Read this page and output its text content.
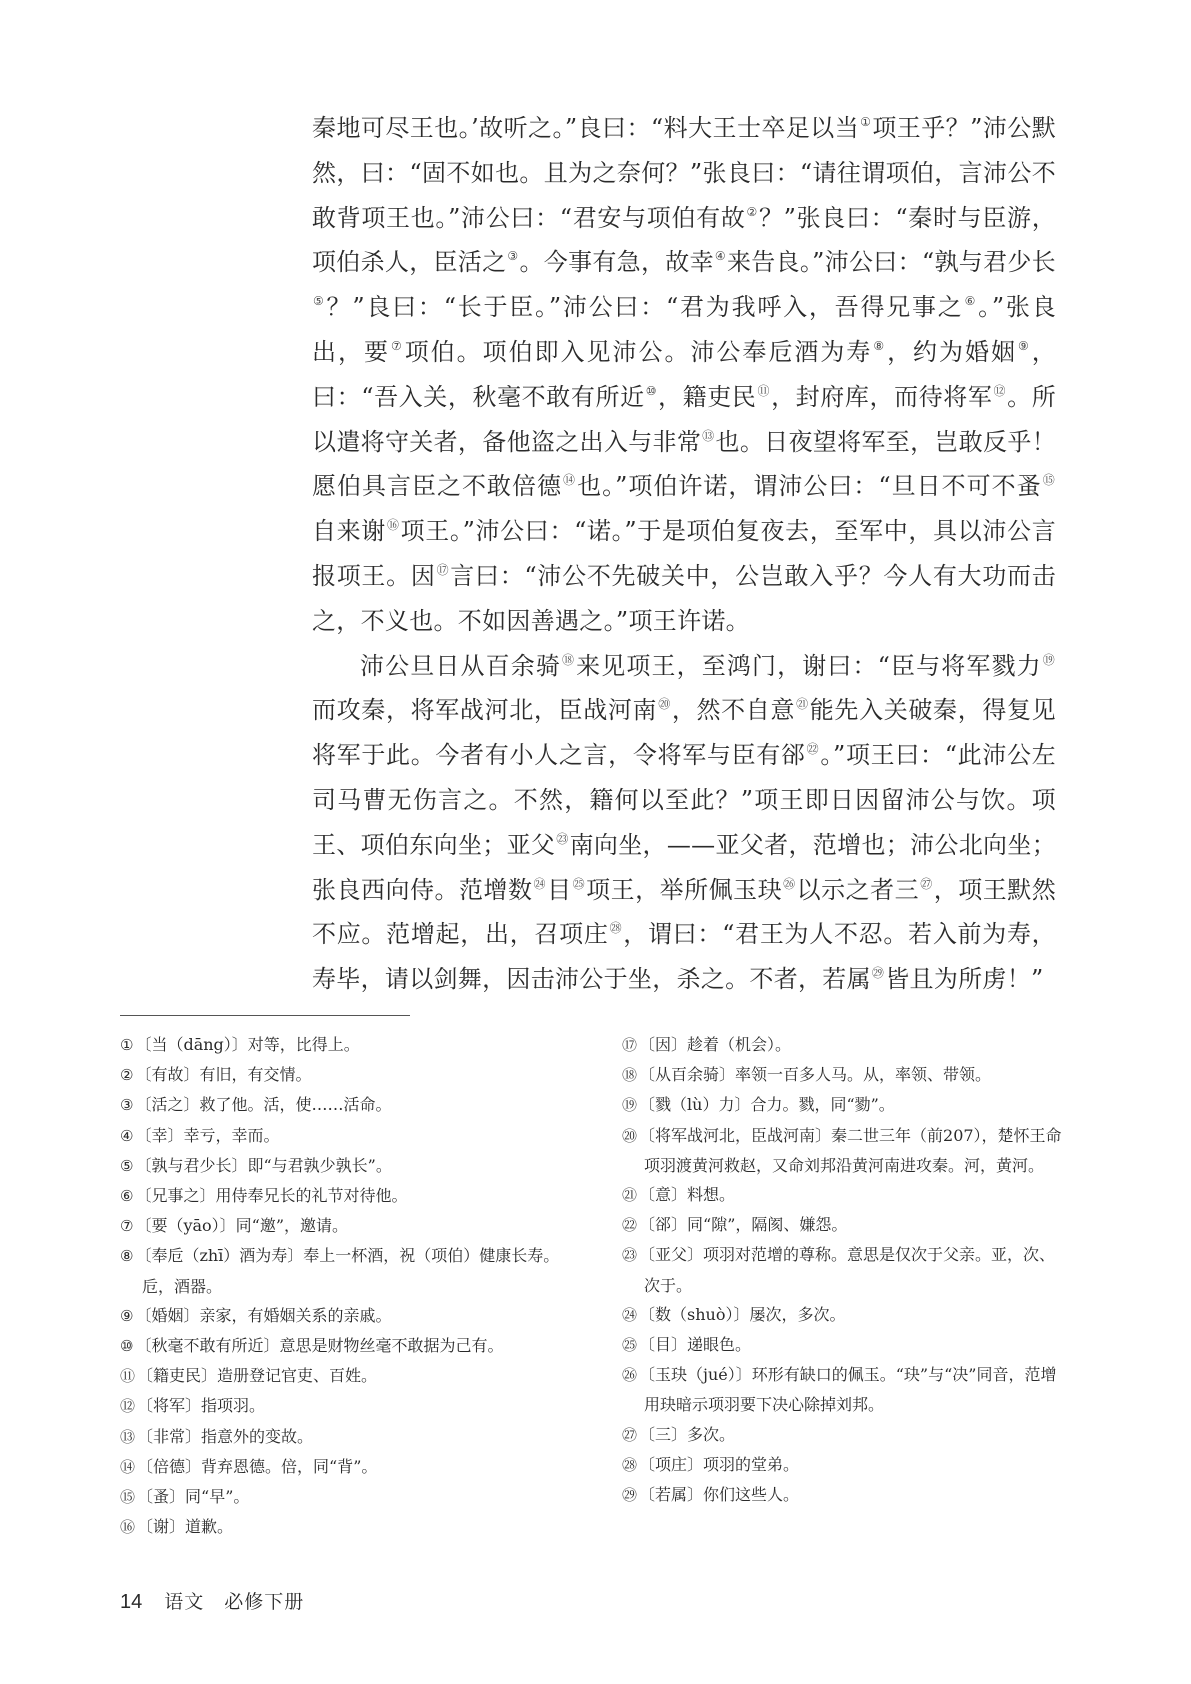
秦地可尽王也。’故听之。”良曰：“料大王士卒足以当①项王乎？”沛公默然，曰：“固不如也。且为之奈何？”张良曰：“请往谓项伯，言沛公不敢背项王也。”沛公曰：“君安与项伯有故②？”张良曰：“秦时与臣游，项伯杀人，臣活之③。今事有急，故幸④来告良。”沛公曰：“孰与君少长⑤？”良曰：“长于臣。”沛公曰：“君为我呼入，吾得兄事之⑥。”张良出，要⑦项伯。项伯即入见沛公。沛公奉卮酒为寿⑧，约为婚姻⑨，曰：“吾入关，秋毫不敢有所近⑩，籍吏民⑪，封府库，而待将军⑫。所以遣将守关者，备他盗之出入与非常⑬也。日夜望将军至，岂敢反乎！愿伯具言臣之不敢倍德⑭也。”项伯许诺，谓沛公曰：“旦日不可不蚤⑮自来谢⑯项王。”沛公曰：“诺。”于是项伯复夜去，至军中，具以沛公言报项王。因⑰言曰：“沛公不先破关中，公岂敢入乎？今人有大功而击之，不义也。不如因善遇之。”项王许诺。

沛公旦日从百余骑⑱来见项王，至鸿门，谢曰：“臣与将军戮力⑲而攻秦，将军战河北，臣战河南⑳，然不自意$^㉑$能先入关破秦，得复见将军于此。今者有小人之言，令将军与臣有郤$^㉒$。”项王曰：“此沛公左司马曹无伤言之。不然，籍何以至此？”项王即日因留沛公与饮。项王、项伯东向坐；亚父$^㉓$南向坐，——亚父者，范增也；沛公北向坐；张良西向侍。范增数$^㉔$目$^㉕$项王，举所佩玉玦$^㉖$以示之者三$^㉗$，项王默然不应。范增起，出，召项庄$^㉘$，谓曰：“君王为人不忍。若入前为寿，寿毕，请以剑舞，因击沛公于坐，杀之。不者，若属$^㉙$皆且为所虏！”

① 〔当（dāng）〕对等，比得上。
② 〔有故〕有旧，有交情。
③ 〔活之〕救了他。活，使……活命。
④ 〔幸〕幸亏，幸而。
⑤ 〔孰与君少长〕即“与君孰少孰长”。
⑥ 〔兄事之〕用侍奉兄长的礼节对待他。
⑦ 〔要（yāo）〕同“邀”，邀请。
⑧ 〔奉卮（zhī）酒为寿〕奉上一杯酒，祝（项伯）健康长寿。卮，酒器。
⑨ 〔婚姻〕亲家，有婚姻关系的亲戚。
⑩ 〔秋毫不敢有所近〕意思是财物丝毫不敢据为己有。
⑪ 〔籍吏民〕造册登记官吏、百姓。
⑫ 〔将军〕指项羽。
⑬ 〔非常〕指意外的变故。
⑭ 〔倍德〕背弃恩德。倍，同“背”。
⑮ 〔蚤〕同“早”。
⑯ 〔谢〕道歉。
⑰ 〔因〕趁着（机会）。
⑱ 〔从百余骑〕率领一百多人马。从，率领、带领。
⑲ 〔戮（lù）力〕合力。戮，同“勠”。
⑳ 〔将军战河北，臣战河南〕秦二世三年（前207），楚怀王命项羽渡黄河救赵，又命刘邦沿黄河南进攻秦。河，黄河。
㉑ 〔意〕料想。
㉒ 〔郤〕同“隙”，隔阂、嫌怨。
㉓ 〔亚父〕项羽对范增的尊称。意思是仅次于父亲。亚，次、次于。
㉔ 〔数（shuò）〕屡次，多次。
㉕ 〔目〕递眼色。
㉖ 〔玉玦（jué）〕环形有缺口的佩玉。“玦”与“决”同音，范增用玦暗示项羽要下决心除掉刘邦。
㉗ 〔三〕多次。
㉘ 〔项庄〕项羽的堂弟。
㉙ 〔若属〕你们这些人。
14 语文　必修下册
